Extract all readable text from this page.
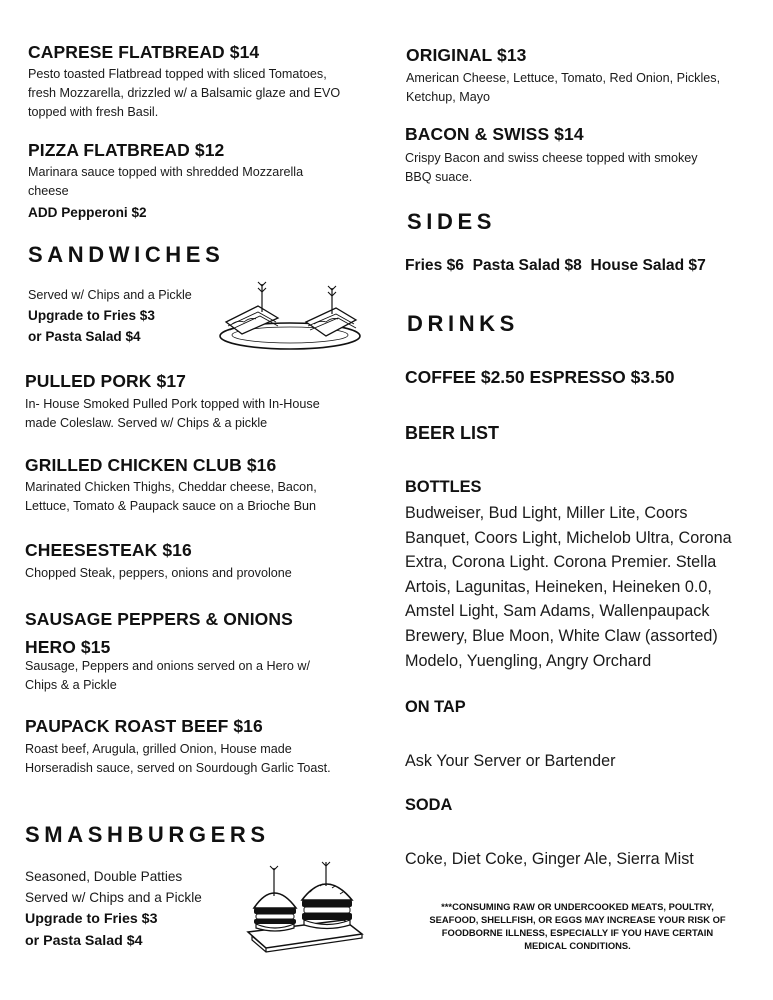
CAPRESE FLATBREAD $14
Pesto toasted Flatbread topped with sliced Tomatoes,
fresh Mozzarella, drizzled w/ a Balsamic glaze and EVO
topped with fresh Basil.
PIZZA FLATBREAD $12
Marinara sauce topped with shredded Mozzarella
cheese
ADD Pepperoni $2
SANDWICHES
Served w/ Chips and a Pickle
Upgrade to Fries $3
or Pasta Salad $4
PULLED PORK $17
In- House Smoked Pulled Pork topped with In-House
made Coleslaw. Served w/ Chips & a pickle
GRILLED CHICKEN CLUB $16
Marinated Chicken Thighs, Cheddar cheese, Bacon,
Lettuce, Tomato & Paupack sauce on a Brioche Bun
CHEESESTEAK $16
Chopped Steak, peppers, onions and provolone
SAUSAGE PEPPERS & ONIONS
HERO $15
Sausage, Peppers and onions served on a Hero w/
Chips & a Pickle
PAUPACK ROAST BEEF $16
Roast beef, Arugula, grilled Onion, House made
Horseradish sauce, served on Sourdough Garlic Toast.
SMASHBURGERS
Seasoned, Double Patties
Served w/ Chips and a Pickle
Upgrade to Fries $3
or Pasta Salad $4
ORIGINAL $13
American Cheese, Lettuce, Tomato, Red Onion, Pickles,
Ketchup, Mayo
BACON & SWISS $14
Crispy Bacon and swiss cheese topped with smokey
BBQ suace.
SIDES
Fries $6  Pasta Salad $8  House Salad $7
DRINKS
COFFEE $2.50 ESPRESSO $3.50
BEER LIST
BOTTLES
Budweiser, Bud Light, Miller Lite, Coors
Banquet, Coors Light, Michelob Ultra, Corona
Extra, Corona Light. Corona Premier. Stella
Artois, Lagunitas, Heineken, Heineken 0.0,
Amstel Light, Sam Adams, Wallenpaupack
Brewery, Blue Moon, White Claw (assorted)
Modelo, Yuengling, Angry Orchard
ON TAP
Ask Your Server or Bartender
SODA
Coke, Diet Coke, Ginger Ale, Sierra Mist
***CONSUMING RAW OR UNDERCOOKED MEATS, POULTRY,
SEAFOOD, SHELLFISH, OR EGGS MAY INCREASE YOUR RISK OF
FOODBORNE ILLNESS, ESPECIALLY IF YOU HAVE CERTAIN
MEDICAL CONDITIONS.
